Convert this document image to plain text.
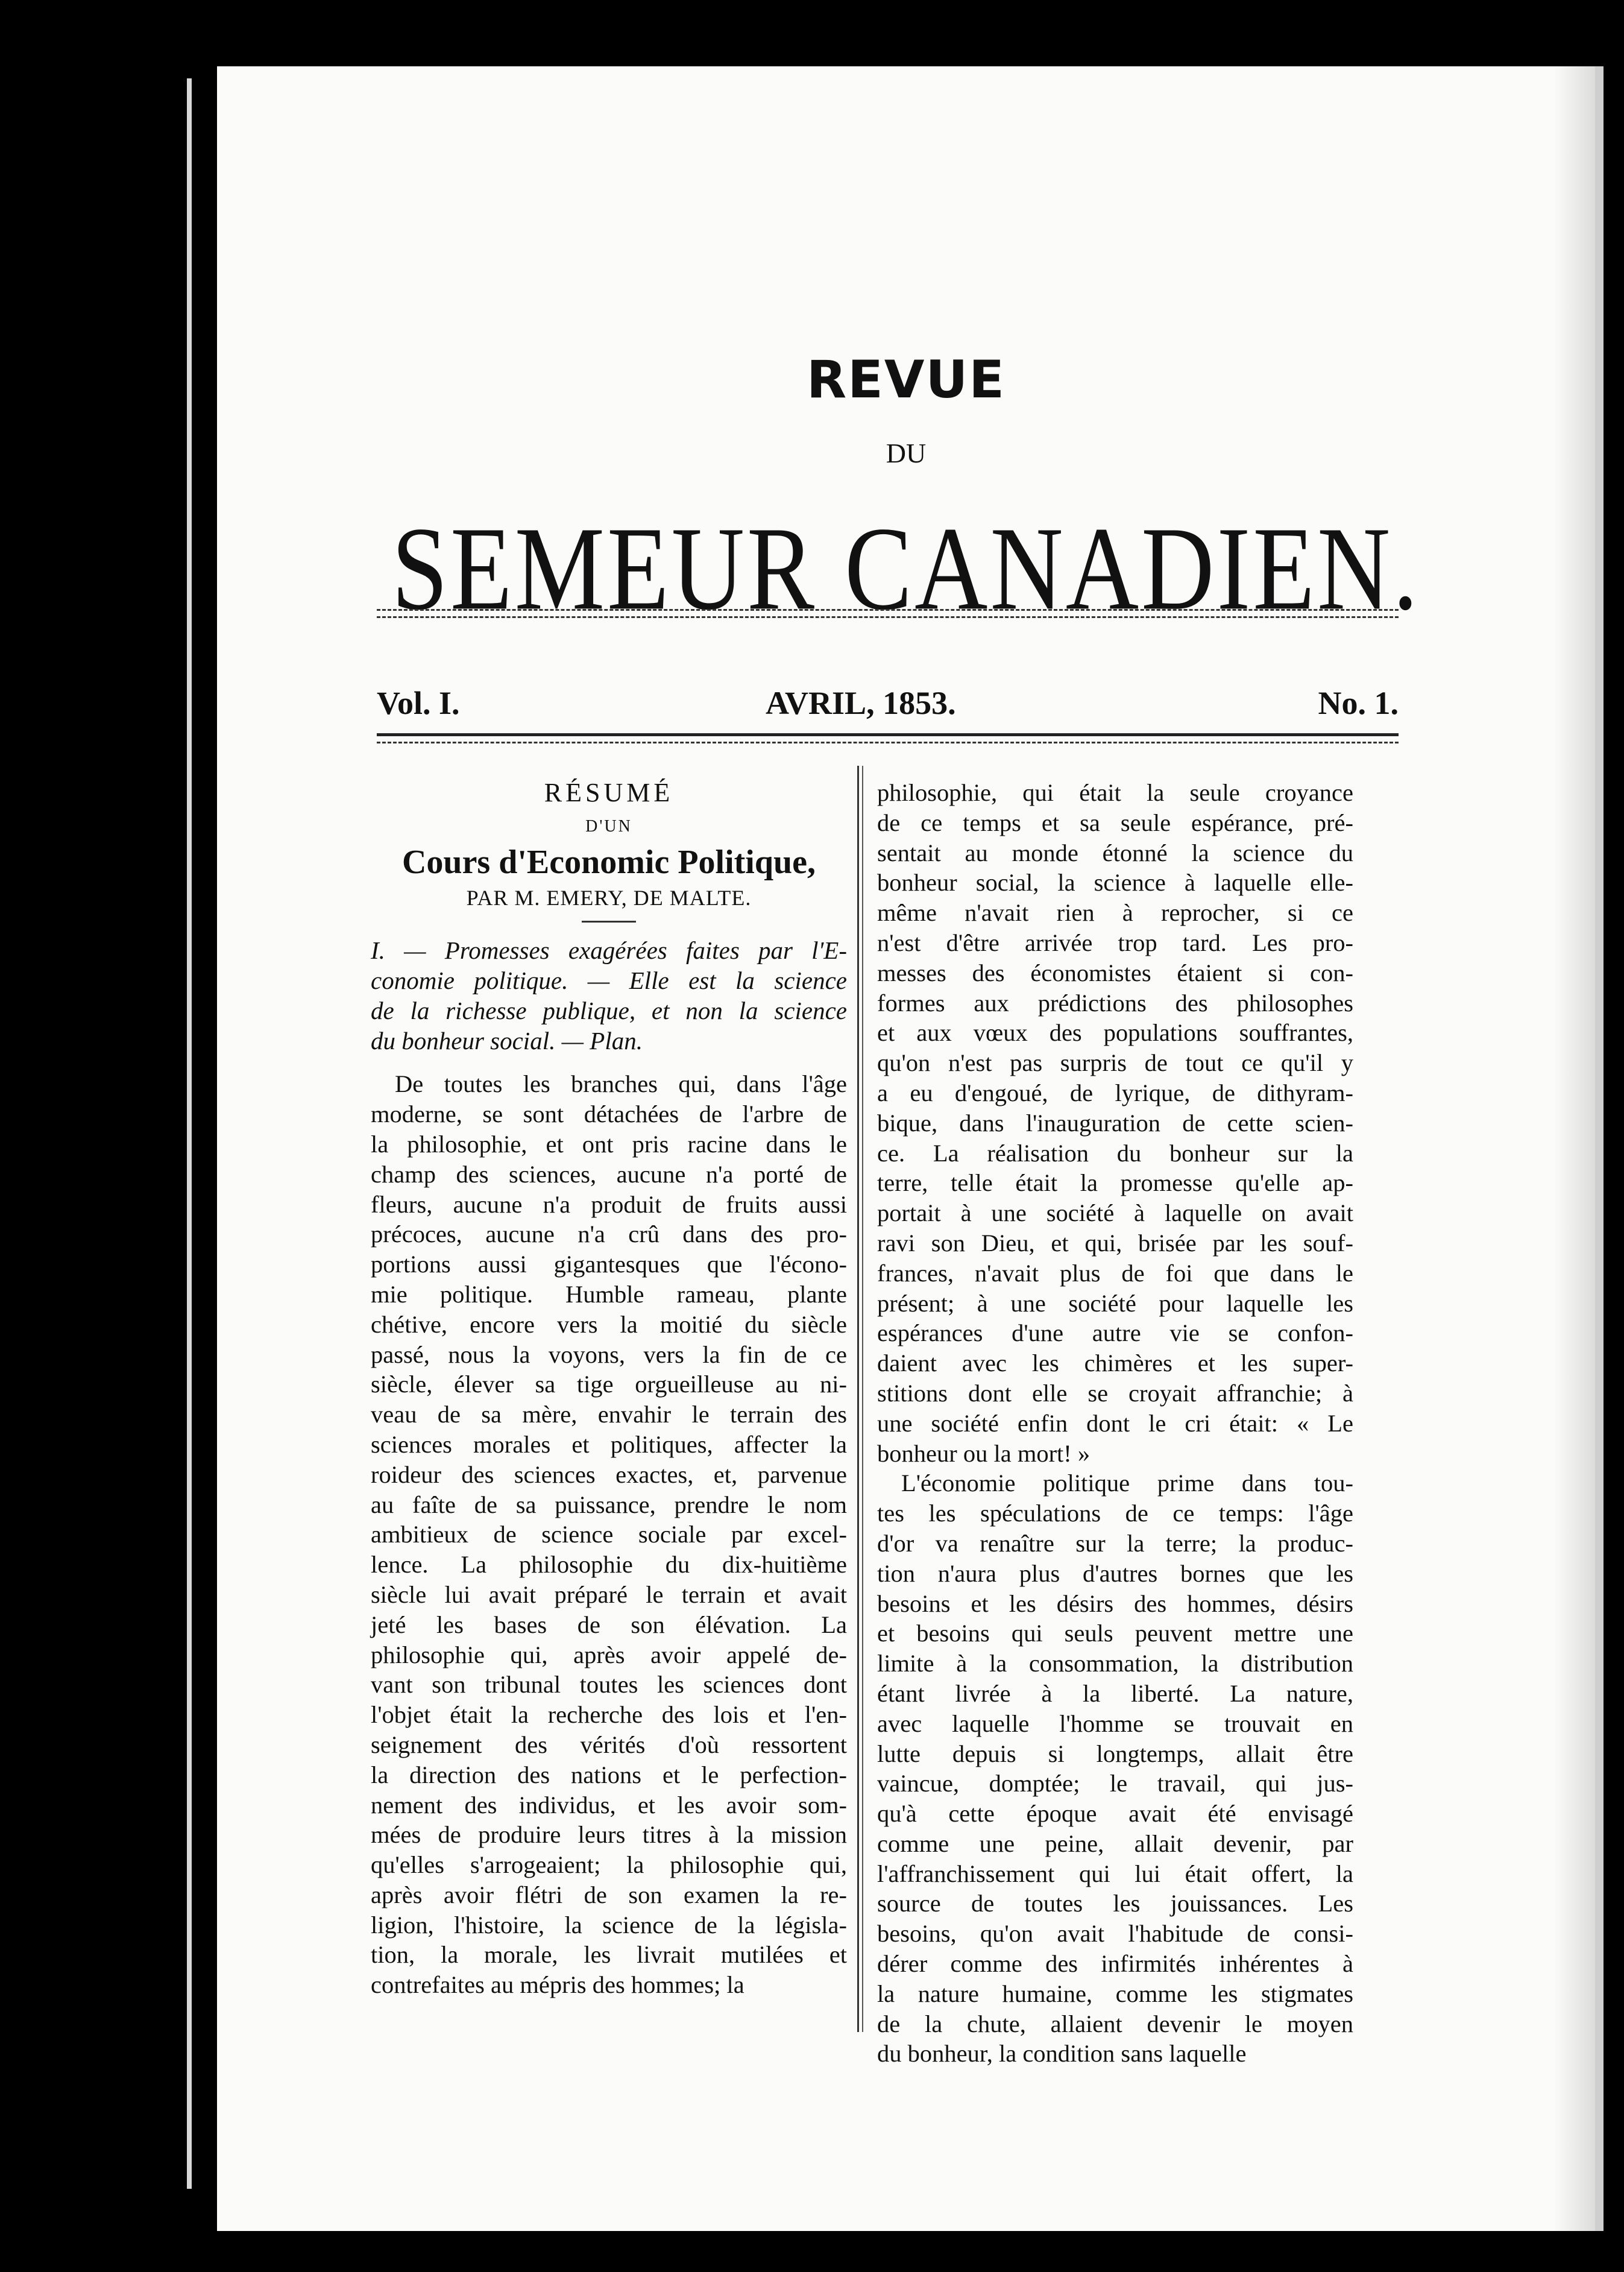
REVUE
DU
SEMEUR CANADIEN.
Vol. I.	AVRIL, 1853.	No. 1.
RÉSUMÉ
D'UN
Cours d'Economic Politique,
PAR M. EMERY, DE MALTE.
I. — Promesses exagérées faites par l'E-
conomie politique. — Elle est la science
de la richesse publique, et non la science
du bonheur social. — Plan.
De toutes les branches qui, dans l'âge
moderne, se sont détachées de l'arbre de
la philosophie, et ont pris racine dans le
champ des sciences, aucune n'a porté de
fleurs, aucune n'a produit de fruits aussi
précoces, aucune n'a crû dans des pro-
portions aussi gigantesques que l'écono-
mie politique. Humble rameau, plante
chétive, encore vers la moitié du siècle
passé, nous la voyons, vers la fin de ce
siècle, élever sa tige orgueilleuse au ni-
veau de sa mère, envahir le terrain des
sciences morales et politiques, affecter la
roideur des sciences exactes, et, parvenue
au faîte de sa puissance, prendre le nom
ambitieux de science sociale par excel-
lence. La philosophie du dix-huitième
siècle lui avait préparé le terrain et avait
jeté les bases de son élévation. La
philosophie qui, après avoir appelé de-
vant son tribunal toutes les sciences dont
l'objet était la recherche des lois et l'en-
seignement des vérités d'où ressortent
la direction des nations et le perfection-
nement des individus, et les avoir som-
mées de produire leurs titres à la mission
qu'elles s'arrogeaient; la philosophie qui,
après avoir flétri de son examen la re-
ligion, l'histoire, la science de la législa-
tion, la morale, les livrait mutilées et
contrefaites au mépris des hommes; la
philosophie, qui était la seule croyance
de ce temps et sa seule espérance, pré-
sentait au monde étonné la science du
bonheur social, la science à laquelle elle-
même n'avait rien à reprocher, si ce
n'est d'être arrivée trop tard. Les pro-
messes des économistes étaient si con-
formes aux prédictions des philosophes
et aux vœux des populations souffrantes,
qu'on n'est pas surpris de tout ce qu'il y
a eu d'engoué, de lyrique, de dithyram-
bique, dans l'inauguration de cette scien-
ce. La réalisation du bonheur sur la
terre, telle était la promesse qu'elle ap-
portait à une société à laquelle on avait
ravi son Dieu, et qui, brisée par les souf-
frances, n'avait plus de foi que dans le
présent; à une société pour laquelle les
espérances d'une autre vie se confon-
daient avec les chimères et les super-
stitions dont elle se croyait affranchie; à
une société enfin dont le cri était: « Le
bonheur ou la mort! »
L'économie politique prime dans tou-
tes les spéculations de ce temps: l'âge
d'or va renaître sur la terre; la produc-
tion n'aura plus d'autres bornes que les
besoins et les désirs des hommes, désirs
et besoins qui seuls peuvent mettre une
limite à la consommation, la distribution
étant livrée à la liberté. La nature,
avec laquelle l'homme se trouvait en
lutte depuis si longtemps, allait être
vaincue, domptée; le travail, qui jus-
qu'à cette époque avait été envisagé
comme une peine, allait devenir, par
l'affranchissement qui lui était offert, la
source de toutes les jouissances. Les
besoins, qu'on avait l'habitude de consi-
dérer comme des infirmités inhérentes à
la nature humaine, comme les stigmates
de la chute, allaient devenir le moyen
du bonheur, la condition sans laquelle
